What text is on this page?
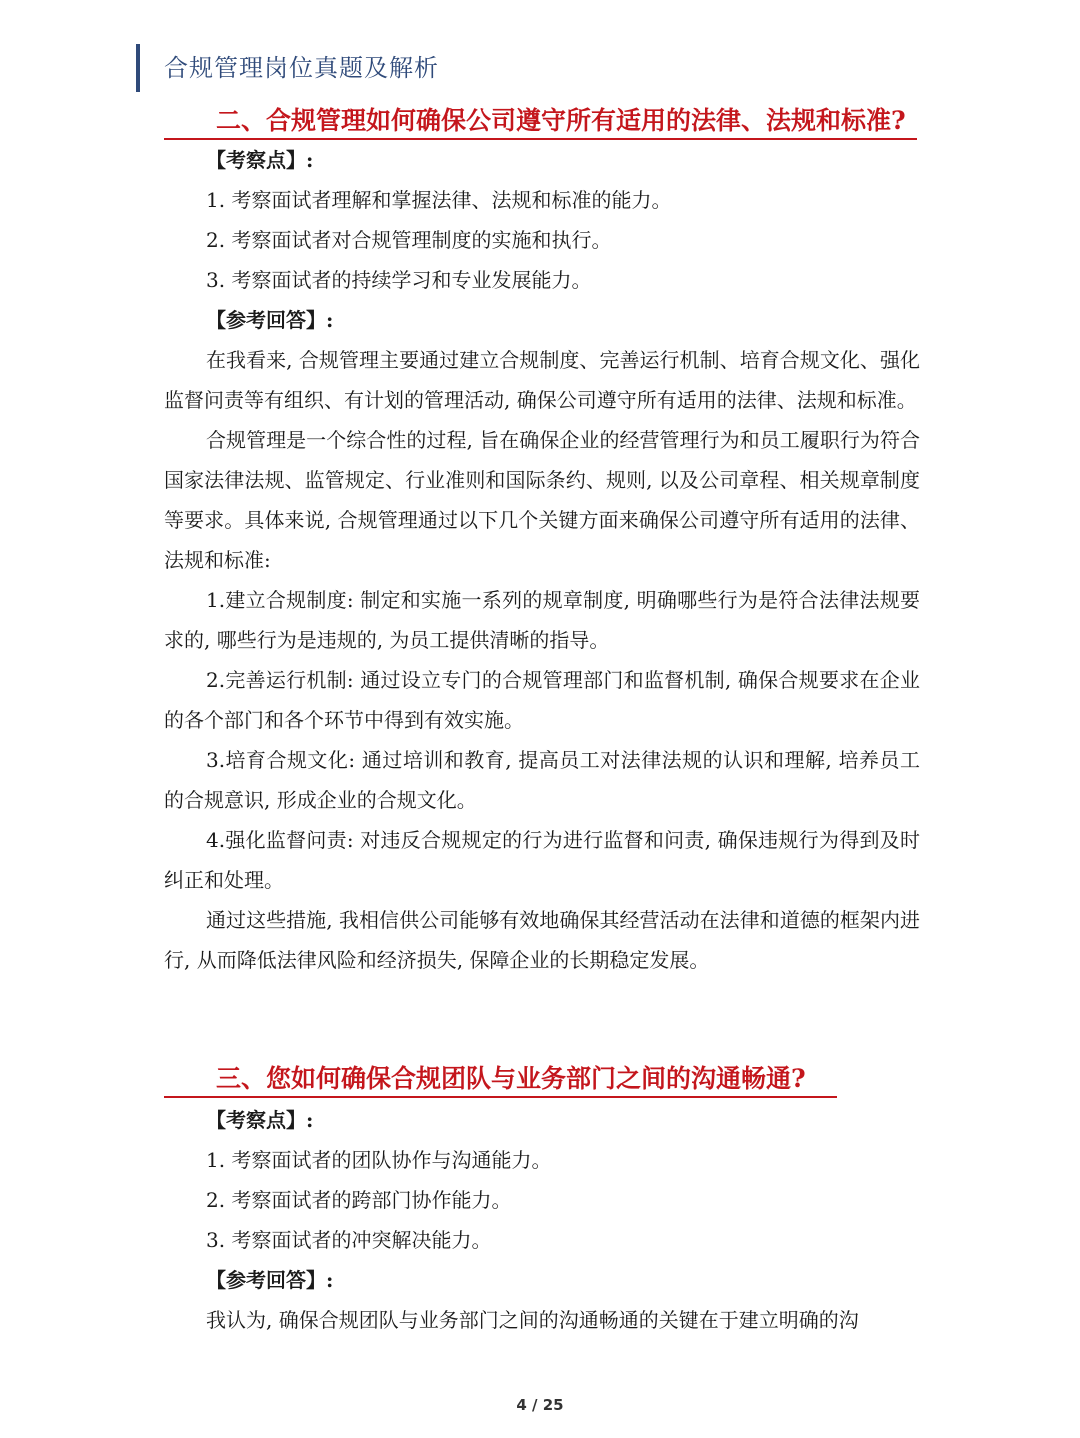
合规管理岗位真题及解析
二、合规管理如何确保公司遵守所有适用的法律、法规和标准?
【考察点】:
1. 考察面试者理解和掌握法律、法规和标准的能力。
2. 考察面试者对合规管理制度的实施和执行。
3. 考察面试者的持续学习和专业发展能力。
【参考回答】:

在我看来, 合规管理主要通过建立合规制度、完善运行机制、培育合规文化、强化监督问责等有组织、有计划的管理活动, 确保公司遵守所有适用的法律、法规和标准。

合规管理是一个综合性的过程, 旨在确保企业的经营管理行为和员工履职行为符合国家法律法规、监管规定、行业准则和国际条约、规则, 以及公司章程、相关规章制度等要求。具体来说, 合规管理通过以下几个关键方面来确保公司遵守所有适用的法律、法规和标准:

1.建立合规制度: 制定和实施一系列的规章制度, 明确哪些行为是符合法律法规要求的, 哪些行为是违规的, 为员工提供清晰的指导。

2.完善运行机制: 通过设立专门的合规管理部门和监督机制, 确保合规要求在企业的各个部门和各个环节中得到有效实施。

3.培育合规文化: 通过培训和教育, 提高员工对法律法规的认识和理解, 培养员工的合规意识, 形成企业的合规文化。

4.强化监督问责: 对违反合规规定的行为进行监督和问责, 确保违规行为得到及时纠正和处理。

通过这些措施, 我相信供公司能够有效地确保其经营活动在法律和道德的框架内进行, 从而降低法律风险和经济损失, 保障企业的长期稳定发展。

三、您如何确保合规团队与业务部门之间的沟通畅通?
【考察点】:
1. 考察面试者的团队协作与沟通能力。
2. 考察面试者的跨部门协作能力。
3. 考察面试者的冲突解决能力。
【参考回答】:

我认为, 确保合规团队与业务部门之间的沟通畅通的关键在于建立明确的沟

4 / 25
